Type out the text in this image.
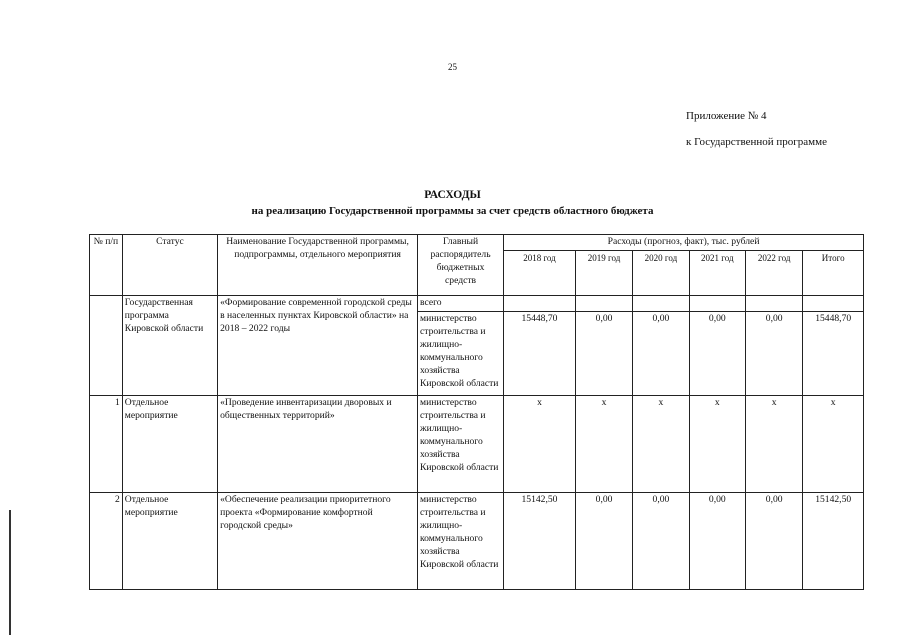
25
Приложение № 4
к Государственной программе
РАСХОДЫ
на реализацию Государственной программы за счет средств областного бюджета
№ п/п	Статус	Наименование Государственной программы, подпрограммы, отдельного мероприятия	Главный распорядитель бюджетных средств	Расходы (прогноз, факт), тыс. рублей					
				2018 год	2019 год	2020 год	2021 год	2022 год	Итого
	Государственная программа Кировской области	«Формирование современной городской среды в населенных пунктах Кировской области» на 2018 – 2022 годы	всего						
			министерство строительства и жилищно-коммунального хозяйства Кировской области	15448,70	0,00	0,00	0,00	0,00	15448,70
1	Отдельное мероприятие	«Проведение инвентаризации дворовых и общественных территорий»	министерство строительства и жилищно-коммунального хозяйства Кировской области	x	x	x	x	x	x
2	Отдельное мероприятие	«Обеспечение реализации приоритетного проекта «Формирование комфортной городской среды»	министерство строительства и жилищно-коммунального хозяйства Кировской области	15142,50	0,00	0,00	0,00	0,00	15142,50
